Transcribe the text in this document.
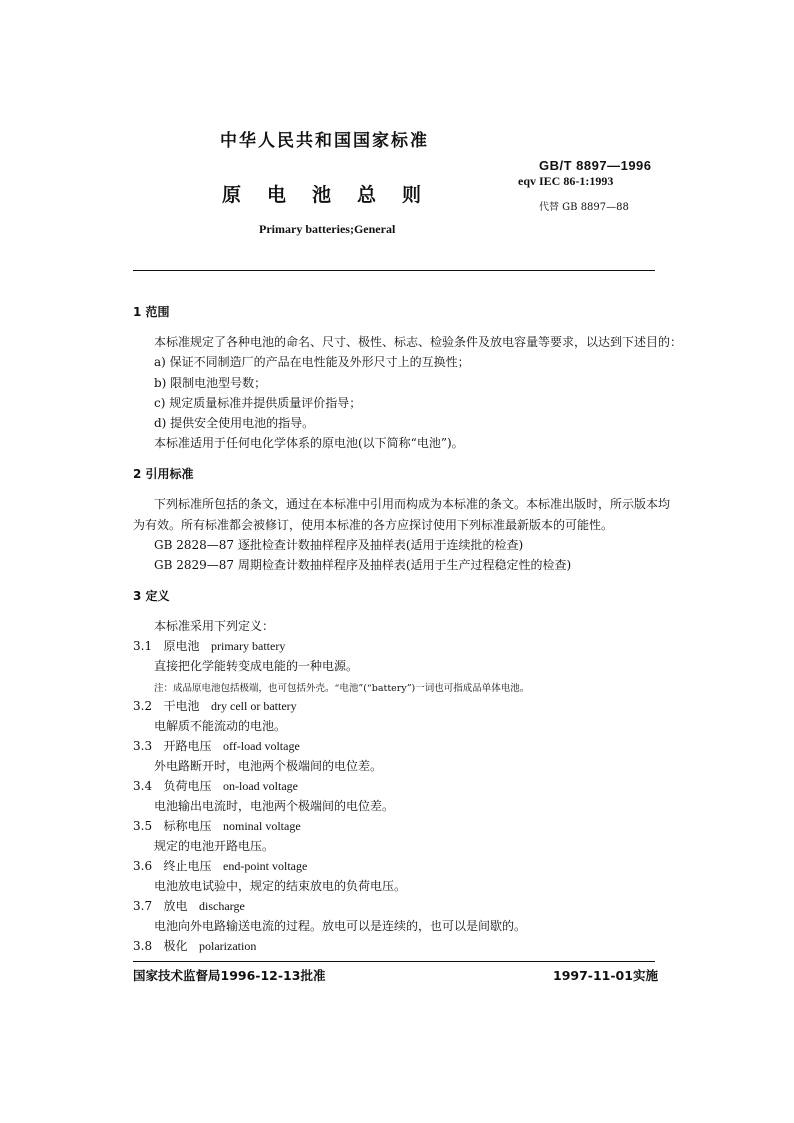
中华人民共和国国家标准
原电池总则
Primary batteries;General
GB/T 8897—1996
eqv IEC 86-1:1993
代替 GB 8897—88
1 范围
本标准规定了各种电池的命名、尺寸、极性、标志、检验条件及放电容量等要求，以达到下述目的：
a) 保证不同制造厂的产品在电性能及外形尺寸上的互换性；
b) 限制电池型号数；
c) 规定质量标准并提供质量评价指导；
d) 提供安全使用电池的指导。
本标准适用于任何电化学体系的原电池(以下简称“电池”)。
2 引用标准
下列标准所包括的条文，通过在本标准中引用而构成为本标准的条文。本标准出版时，所示版本均
为有效。所有标准都会被修订，使用本标准的各方应探讨使用下列标准最新版本的可能性。
GB 2828—87 逐批检查计数抽样程序及抽样表(适用于连续批的检查)
GB 2829—87 周期检查计数抽样程序及抽样表(适用于生产过程稳定性的检查)
3 定义
本标准采用下列定义：
3.1 原电池 primary battery
直接把化学能转变成电能的一种电源。
注：成品原电池包括极端，也可包括外壳。“电池”(“battery”)一词也可指成品单体电池。
3.2 干电池 dry cell or battery
电解质不能流动的电池。
3.3 开路电压 off-load voltage
外电路断开时，电池两个极端间的电位差。
3.4 负荷电压 on-load voltage
电池输出电流时，电池两个极端间的电位差。
3.5 标称电压 nominal voltage
规定的电池开路电压。
3.6 终止电压 end-point voltage
电池放电试验中，规定的结束放电的负荷电压。
3.7 放电 discharge
电池向外电路输送电流的过程。放电可以是连续的，也可以是间歇的。
3.8 极化 polarization
国家技术监督局1996-12-13批准	1997-11-01实施
